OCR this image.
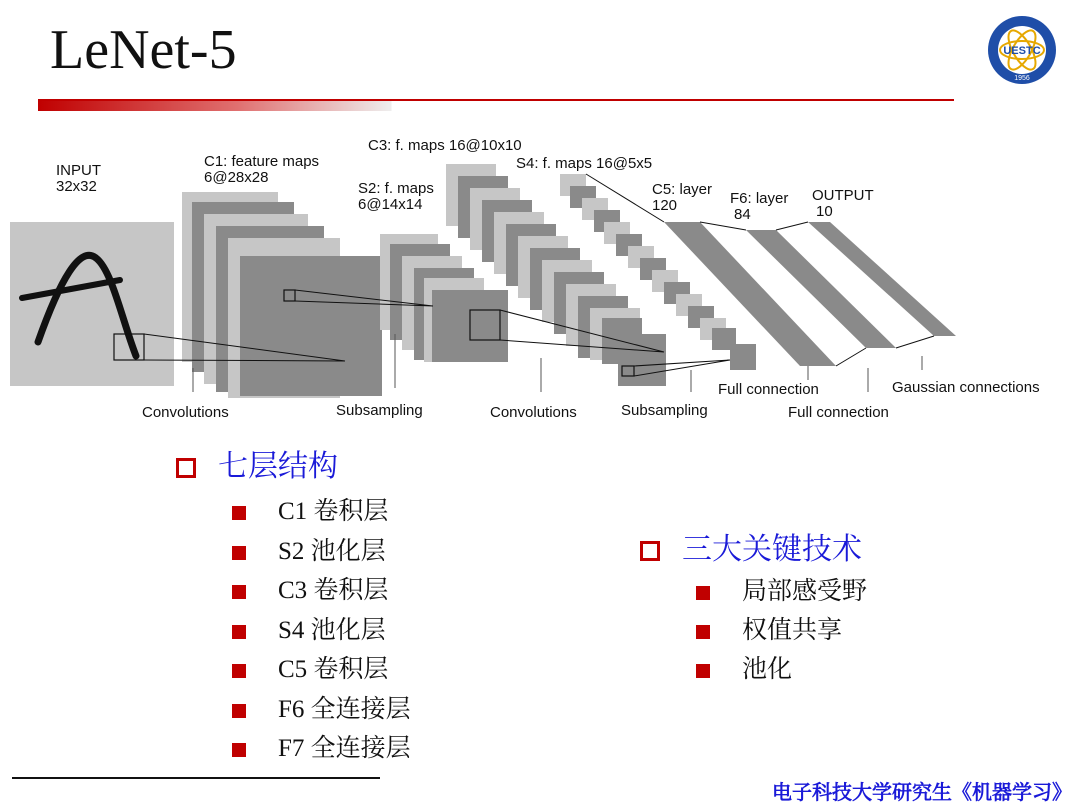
LeNet-5	UESTC
1956
INPUT
32x32
C1: feature maps
6@28x28
S2: f. maps
6@14x14
C3: f. maps 16@10x10
S4: f. maps 16@5x5
C5: layer
120	F6: layer
84
OUTPUT
10
Convolutions	Subsampling	Convolutions	Subsampling
Full connection
Full connection
Gaussian connections
七层结构
C1 卷积层
S2 池化层
C3 卷积层
S4 池化层
C5 卷积层
F6 全连接层
F7 全连接层
三大关键技术
局部感受野
权值共享
池化
电子科技大学研究生《机器学习》
